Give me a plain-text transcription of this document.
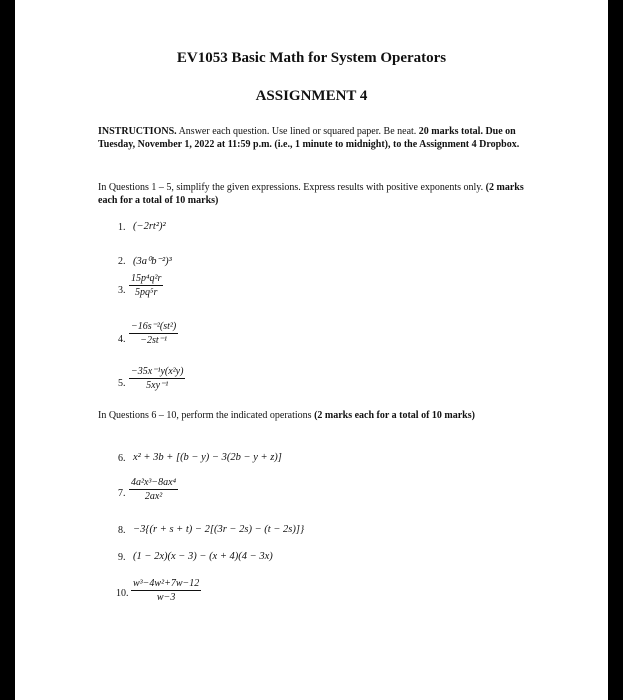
EV1053 Basic Math for System Operators
ASSIGNMENT 4
INSTRUCTIONS. Answer each question. Use lined or squared paper. Be neat. 20 marks total. Due on Tuesday, November 1, 2022 at 11:59 p.m. (i.e., 1 minute to midnight), to the Assignment 4 Dropbox.
In Questions 1 – 5, simplify the given expressions. Express results with positive exponents only. (2 marks each for a total of 10 marks)
1. (−2rt²)²
2. (3a⁰b⁻²)³
3. $\frac{\text{15p⁴q²r}}{\text{5pq⁵r}}$
4. $\frac{\text{−16s⁻²(st²)}}{\text{−2st⁻¹}}$
5. $\frac{\text{−35x⁻¹y(x²y)}}{\text{5xy⁻¹}}$
In Questions 6 – 10, perform the indicated operations (2 marks each for a total of 10 marks)
6. x² + 3b + [(b − y) − 3(2b − y + z)]
7. $\frac{\text{4a²x³−8ax⁴}}{\text{2ax²}}$
8. −3{(r + s + t) − 2[(3r − 2s) − (t − 2s)]}
9. (1 − 2x)(x − 3) − (x + 4)(4 − 3x)
10. $\frac{\text{w³−4w²+7w−12}}{w-3}$
